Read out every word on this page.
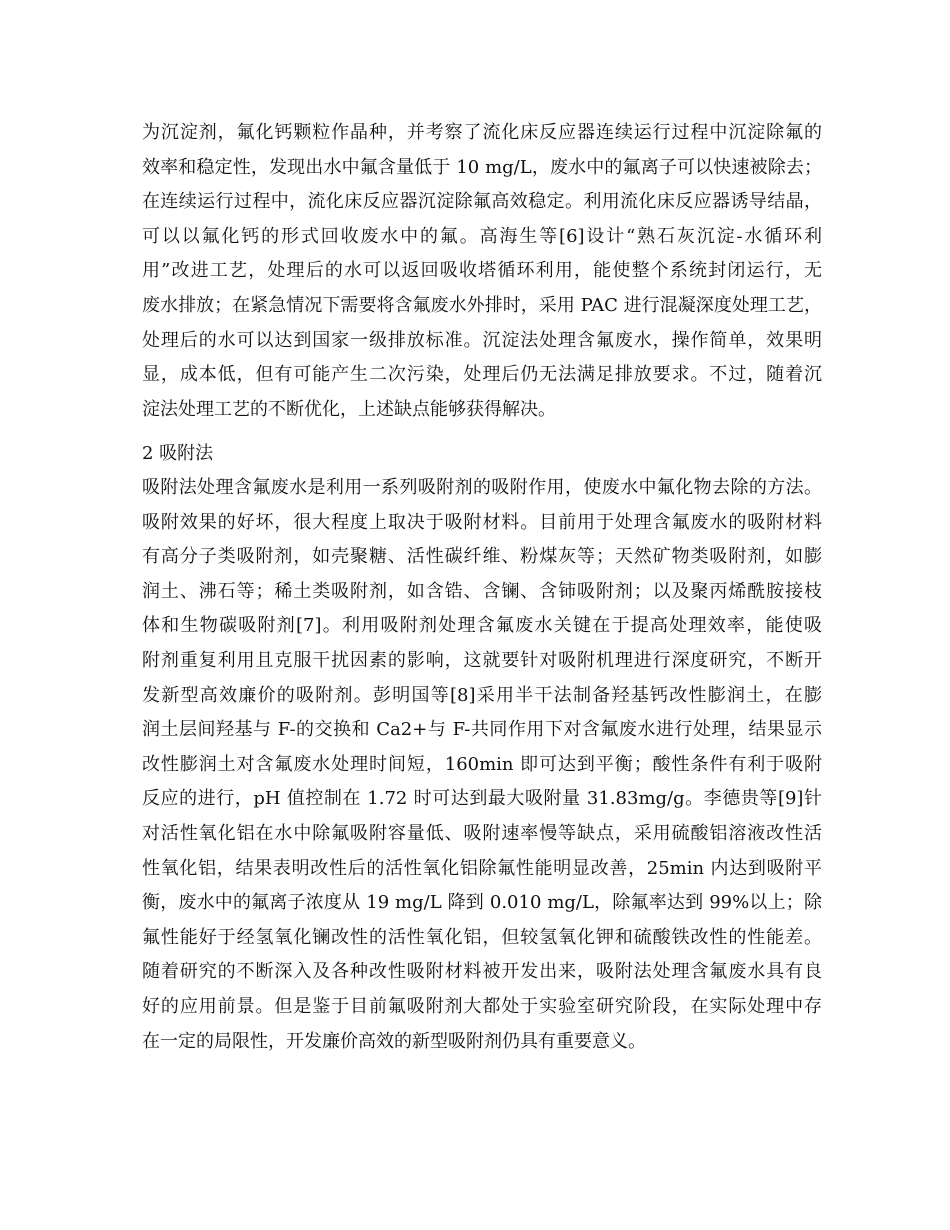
为沉淀剂，氟化钙颗粒作晶种，并考察了流化床反应器连续运行过程中沉淀除氟的
效率和稳定性，发现出水中氟含量低于 10 mg/L，废水中的氟离子可以快速被除去；
在连续运行过程中，流化床反应器沉淀除氟高效稳定。利用流化床反应器诱导结晶，
可以以氟化钙的形式回收废水中的氟。高海生等[6]设计“熟石灰沉淀-水循环利
用”改进工艺，处理后的水可以返回吸收塔循环利用，能使整个系统封闭运行，无
废水排放；在紧急情况下需要将含氟废水外排时，采用 PAC 进行混凝深度处理工艺，
处理后的水可以达到国家一级排放标准。沉淀法处理含氟废水，操作简单，效果明
显，成本低，但有可能产生二次污染，处理后仍无法满足排放要求。不过，随着沉
淀法处理工艺的不断优化，上述缺点能够获得解决。
2 吸附法
吸附法处理含氟废水是利用一系列吸附剂的吸附作用，使废水中氟化物去除的方法。
吸附效果的好坏，很大程度上取决于吸附材料。目前用于处理含氟废水的吸附材料
有高分子类吸附剂，如壳聚糖、活性碳纤维、粉煤灰等；天然矿物类吸附剂，如膨
润土、沸石等；稀土类吸附剂，如含锆、含镧、含铈吸附剂；以及聚丙烯酰胺接枝
体和生物碳吸附剂[7]。利用吸附剂处理含氟废水关键在于提高处理效率，能使吸
附剂重复利用且克服干扰因素的影响，这就要针对吸附机理进行深度研究，不断开
发新型高效廉价的吸附剂。彭明国等[8]采用半干法制备羟基钙改性膨润土，在膨
润土层间羟基与 F-的交换和 Ca2+与 F-共同作用下对含氟废水进行处理，结果显示
改性膨润土对含氟废水处理时间短，160min 即可达到平衡；酸性条件有利于吸附
反应的进行，pH 值控制在 1.72 时可达到最大吸附量 31.83mg/g。李德贵等[9]针
对活性氧化铝在水中除氟吸附容量低、吸附速率慢等缺点，采用硫酸铝溶液改性活
性氧化铝，结果表明改性后的活性氧化铝除氟性能明显改善，25min 内达到吸附平
衡，废水中的氟离子浓度从 19 mg/L 降到 0.010 mg/L，除氟率达到 99%以上；除
氟性能好于经氢氧化镧改性的活性氧化铝，但较氢氧化钾和硫酸铁改性的性能差。
随着研究的不断深入及各种改性吸附材料被开发出来，吸附法处理含氟废水具有良
好的应用前景。但是鉴于目前氟吸附剂大都处于实验室研究阶段，在实际处理中存
在一定的局限性，开发廉价高效的新型吸附剂仍具有重要意义。
